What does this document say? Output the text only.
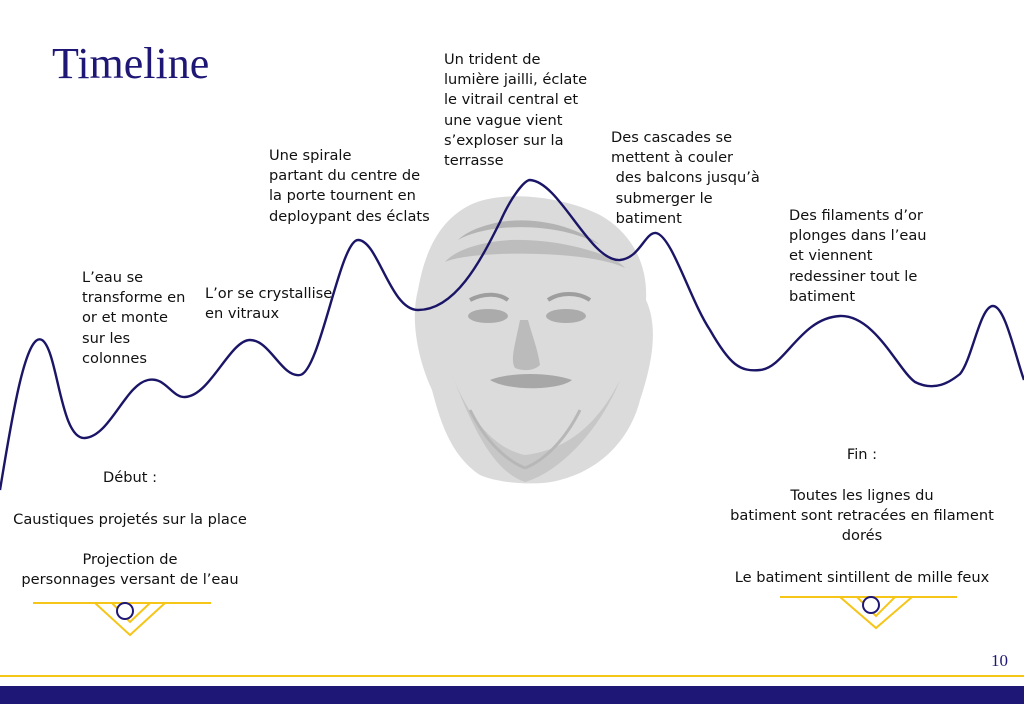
Timeline
L’eau se
transforme en
or et monte
sur les
colonnes
L’or se crystallise
en vitraux
Une spirale
partant du centre de
la porte tournent en
deploypant des éclats
Un trident de
lumière jailli, éclate
le vitrail central et
une vague vient
s’exploser sur la
terrasse
Des cascades se
mettent à couler
des balcons jusqu’à
submerger le
batiment	Des filaments d’or
plonges dans l’eau
et viennent
redessiner tout le
batiment
Début :
Caustiques projetés sur la place
Projection de
personnages versant de l’eau
Fin :
Toutes les lignes du
batiment sont retracées en filament
dorés
Le batiment sintillent de mille feux
10
